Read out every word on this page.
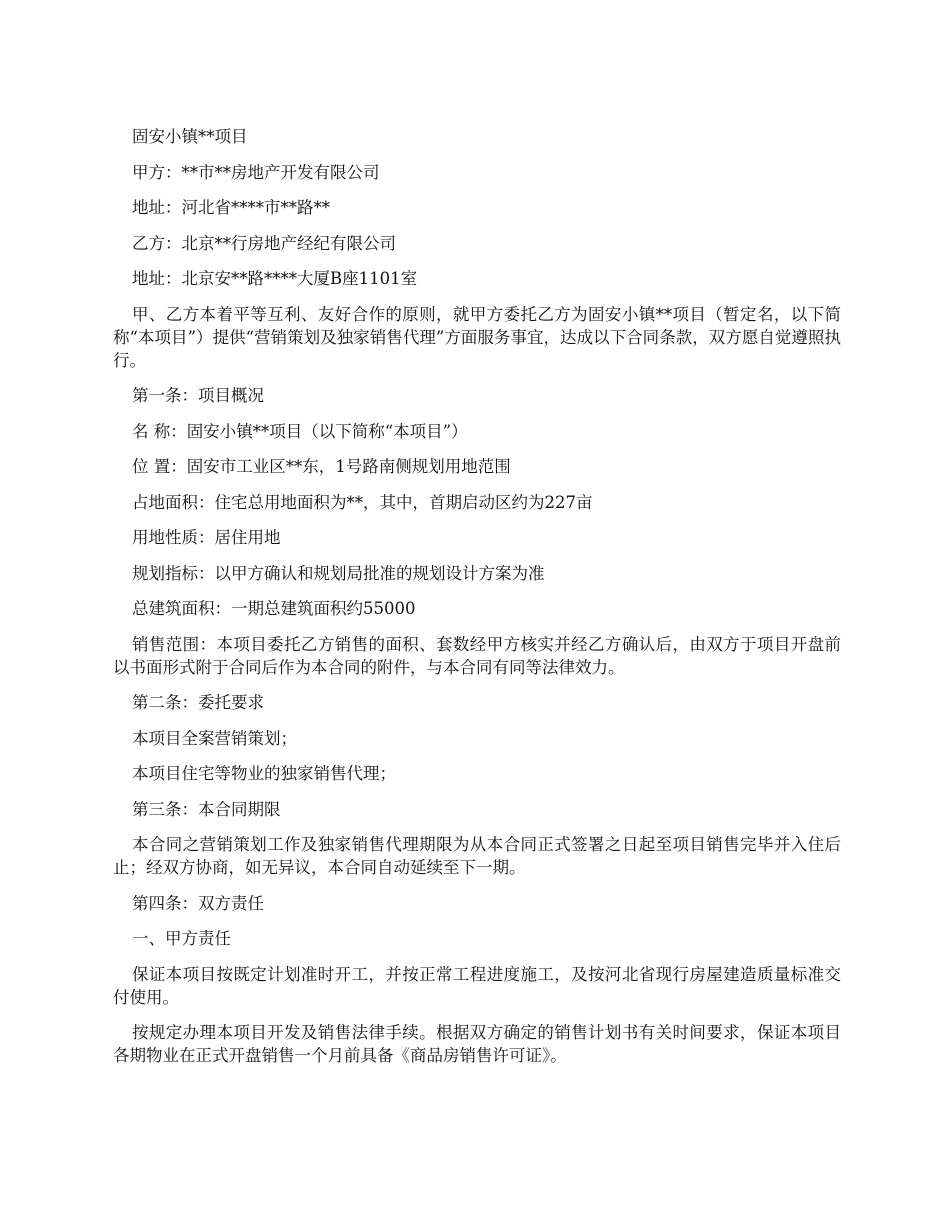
固安小镇**项目

甲方：**市**房地产开发有限公司

地址：河北省****市**路**

乙方：北京**行房地产经纪有限公司

地址：北京安**路****大厦B座1101室

甲、乙方本着平等互利、友好合作的原则，就甲方委托乙方为固安小镇**项目（暂定名，以下简称“本项目”）提供“营销策划及独家销售代理”方面服务事宜，达成以下合同条款，双方愿自觉遵照执行。

第一条：项目概况

名 称：固安小镇**项目（以下简称“本项目”）

位 置：固安市工业区**东，1号路南侧规划用地范围

占地面积：住宅总用地面积为**，其中，首期启动区约为227亩

用地性质：居住用地

规划指标：以甲方确认和规划局批准的规划设计方案为准

总建筑面积：一期总建筑面积约55000

销售范围：本项目委托乙方销售的面积、套数经甲方核实并经乙方确认后，由双方于项目开盘前以书面形式附于合同后作为本合同的附件，与本合同有同等法律效力。

第二条：委托要求

本项目全案营销策划；

本项目住宅等物业的独家销售代理；

第三条：本合同期限

本合同之营销策划工作及独家销售代理期限为从本合同正式签署之日起至项目销售完毕并入住后止；经双方协商，如无异议，本合同自动延续至下一期。

第四条：双方责任

一、甲方责任

保证本项目按既定计划准时开工，并按正常工程进度施工，及按河北省现行房屋建造质量标准交付使用。

按规定办理本项目开发及销售法律手续。根据双方确定的销售计划书有关时间要求，保证本项目各期物业在正式开盘销售一个月前具备《商品房销售许可证》。
